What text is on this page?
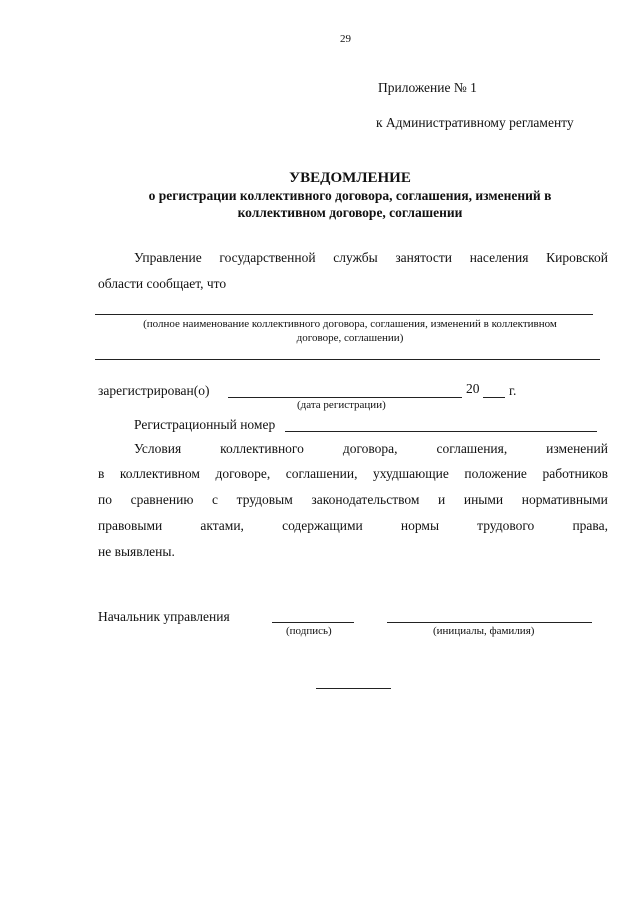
29
Приложение № 1
к Административному регламенту
УВЕДОМЛЕНИЕ
о регистрации коллективного договора, соглашения, изменений в
коллективном договоре, соглашении
Управление государственной службы занятости населения Кировской
области сообщает, что
(полное наименование коллективного договора, соглашения, изменений в коллективном
договоре, соглашении)
зарегистрирован(о)	20 г.
(дата регистрации)
Регистрационный номер
Условия	коллективного	договора,	соглашения,	изменений
в коллективном договоре, соглашении, ухудшающие положение работников
по сравнению с трудовым законодательством и иными нормативными
правовыми	актами,	содержащими	нормы	трудового	права,
не выявлены.
Начальник управления
(подпись)	(инициалы, фамилия)
